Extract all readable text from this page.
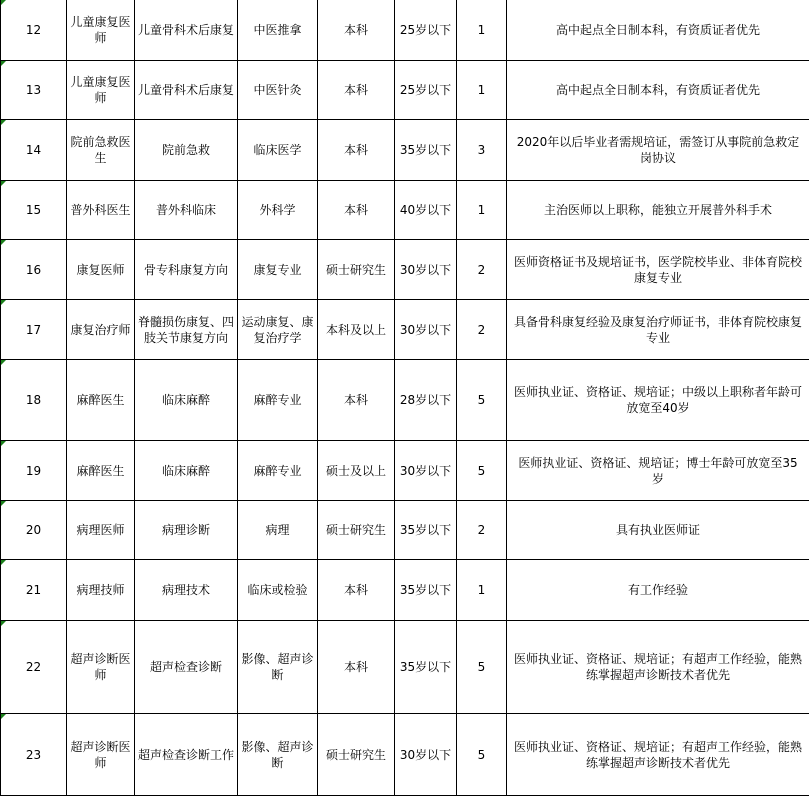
12	儿童康复医师	儿童骨科术后康复	中医推拿	本科	25岁以下	1	高中起点全日制本科，有资质证者优先
13	儿童康复医师	儿童骨科术后康复	中医针灸	本科	25岁以下	1	高中起点全日制本科，有资质证者优先
14	院前急救医生	院前急救	临床医学	本科	35岁以下	3	2020年以后毕业者需规培证，需签订从事院前急救定岗协议
15	普外科医生	普外科临床	外科学	本科	40岁以下	1	主治医师以上职称，能独立开展普外科手术
16	康复医师	骨专科康复方向	康复专业	硕士研究生	30岁以下	2	医师资格证书及规培证书，医学院校毕业、非体育院校康复专业
17	康复治疗师	脊髓损伤康复、四肢关节康复方向	运动康复、康复治疗学	本科及以上	30岁以下	2	具备骨科康复经验及康复治疗师证书，非体育院校康复专业
18	麻醉医生	临床麻醉	麻醉专业	本科	28岁以下	5	医师执业证、资格证、规培证；中级以上职称者年龄可放宽至40岁
19	麻醉医生	临床麻醉	麻醉专业	硕士及以上	30岁以下	5	医师执业证、资格证、规培证；博士年龄可放宽至35岁
20	病理医师	病理诊断	病理	硕士研究生	35岁以下	2	具有执业医师证
21	病理技师	病理技术	临床或检验	本科	35岁以下	1	有工作经验
22	超声诊断医师	超声检查诊断	影像、超声诊断	本科	35岁以下	5	医师执业证、资格证、规培证；有超声工作经验，能熟练掌握超声诊断技术者优先
23	超声诊断医师	超声检查诊断工作	影像、超声诊断	硕士研究生	30岁以下	5	医师执业证、资格证、规培证；有超声工作经验，能熟练掌握超声诊断技术者优先
